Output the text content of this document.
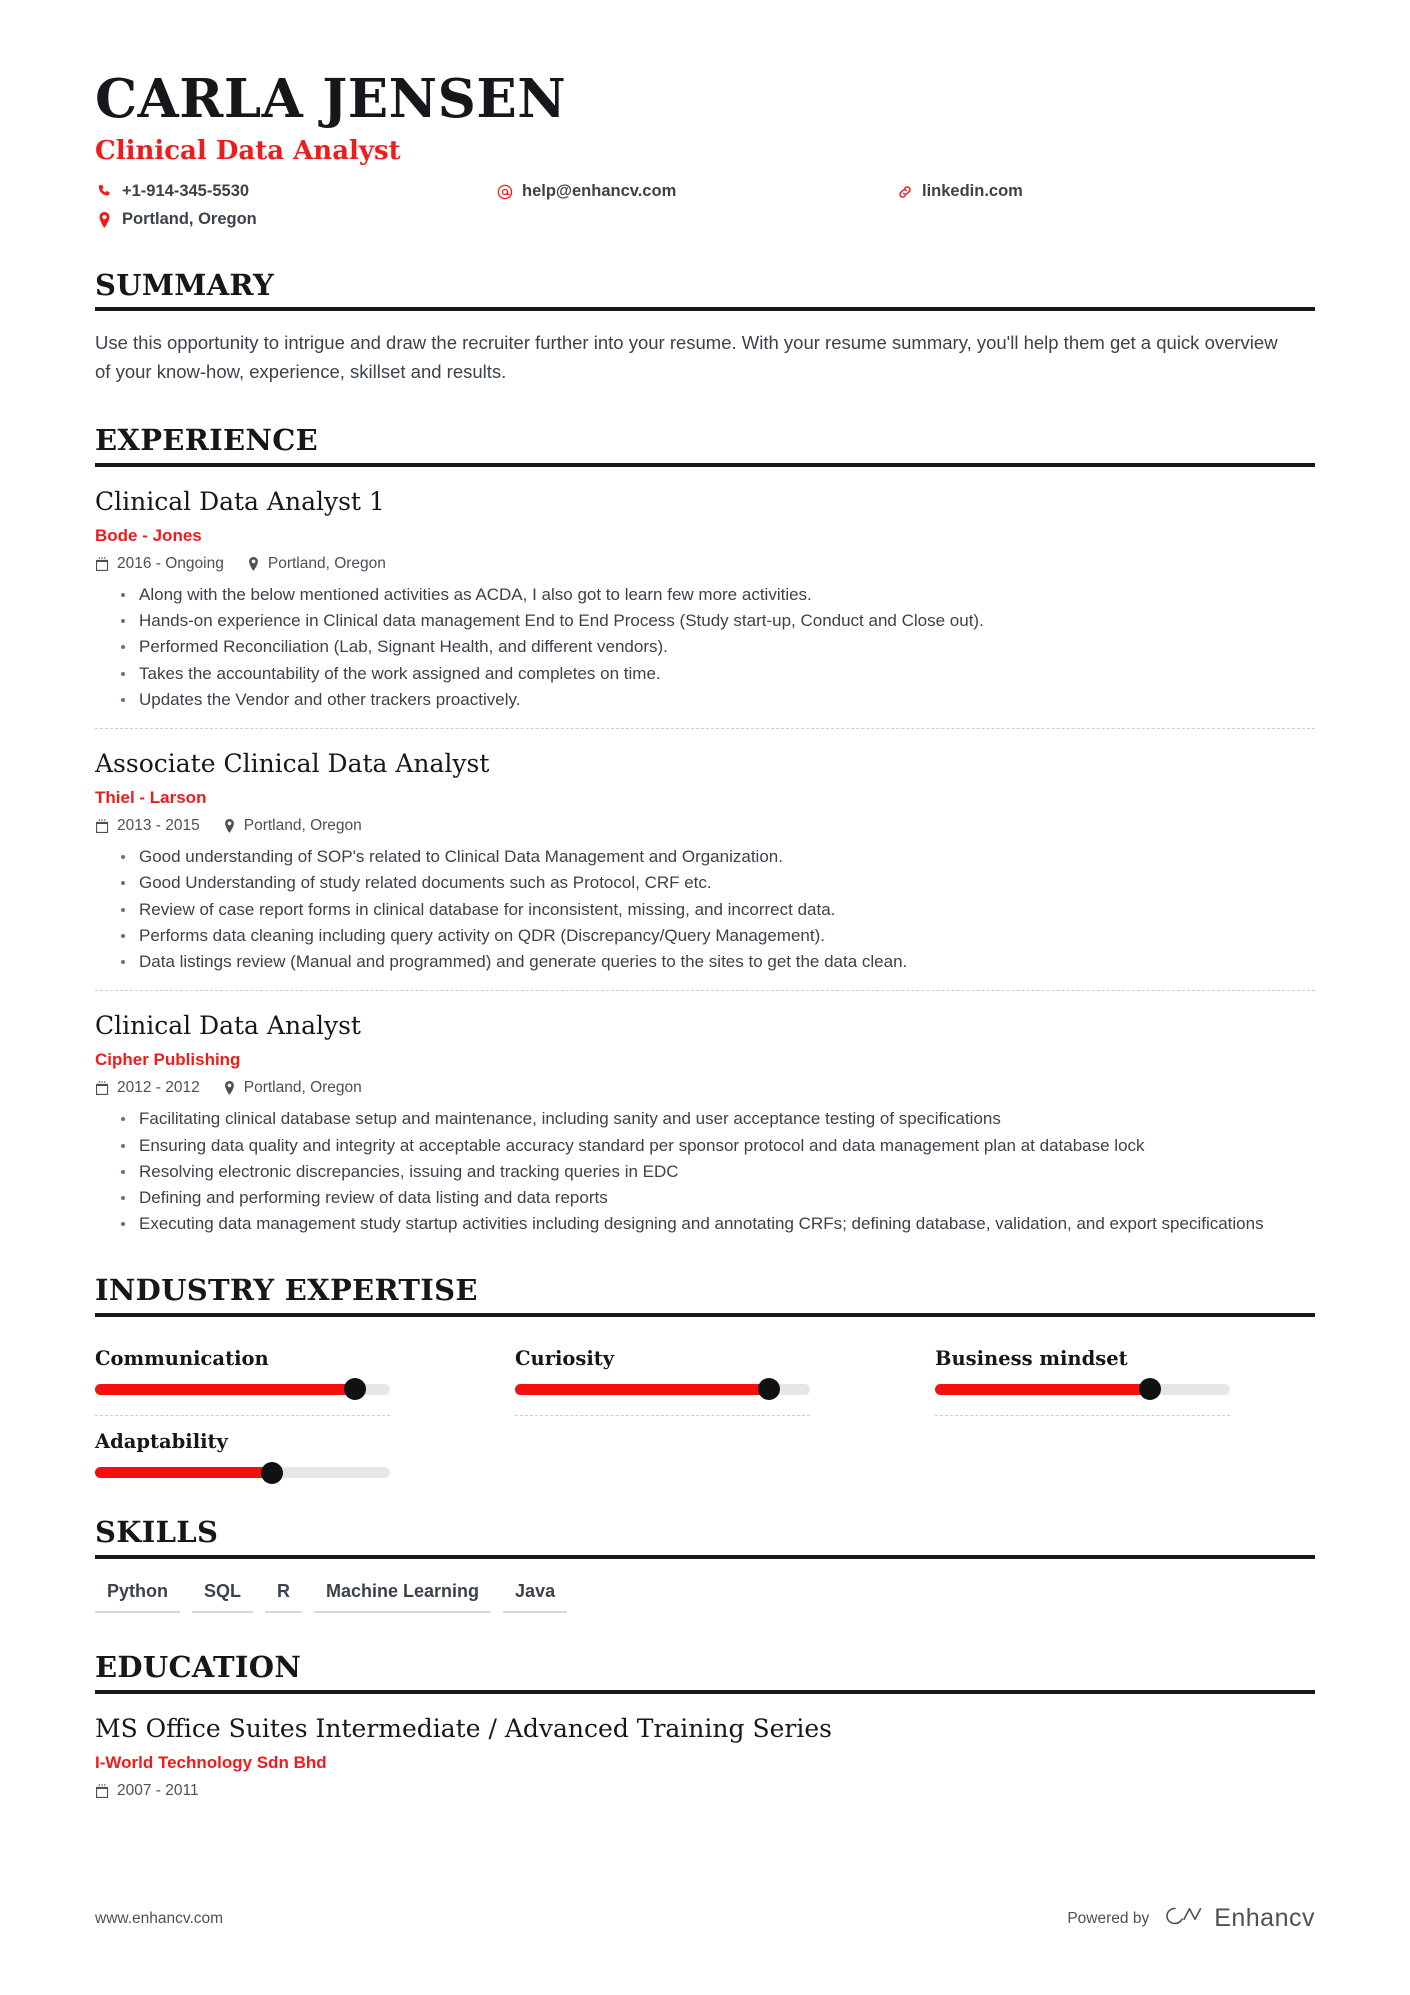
CARLA JENSEN
Clinical Data Analyst
+1-914-345-5530	help@enhancv.com	linkedin.com
Portland, Oregon
SUMMARY

Use this opportunity to intrigue and draw the recruiter further into your resume. With your resume summary, you'll help them get a quick overview of your know-how, experience, skillset and results.

EXPERIENCE
Clinical Data Analyst 1
Bode - Jones
2016 - Ongoing	Portland, Oregon
Along with the below mentioned activities as ACDA, I also got to learn few more activities.
Hands-on experience in Clinical data management End to End Process (Study start-up, Conduct and Close out).
Performed Reconciliation (Lab, Signant Health, and different vendors).
Takes the accountability of the work assigned and completes on time.
Updates the Vendor and other trackers proactively.
Associate Clinical Data Analyst
Thiel - Larson
2013 - 2015	Portland, Oregon
Good understanding of SOP's related to Clinical Data Management and Organization.
Good Understanding of study related documents such as Protocol, CRF etc.
Review of case report forms in clinical database for inconsistent, missing, and incorrect data.
Performs data cleaning including query activity on QDR (Discrepancy/Query Management).
Data listings review (Manual and programmed) and generate queries to the sites to get the data clean.
Clinical Data Analyst
Cipher Publishing
2012 - 2012	Portland, Oregon
Facilitating clinical database setup and maintenance, including sanity and user acceptance testing of specifications
Ensuring data quality and integrity at acceptable accuracy standard per sponsor protocol and data management plan at database lock
Resolving electronic discrepancies, issuing and tracking queries in EDC
Defining and performing review of data listing and data reports
Executing data management study startup activities including designing and annotating CRFs; defining database, validation, and export specifications
INDUSTRY EXPERTISE
Communication	Curiosity	Business mindset
Adaptability
SKILLS
Python	SQL	R	Machine Learning	Java
EDUCATION
MS Office Suites Intermediate / Advanced Training Series
I-World Technology Sdn Bhd
2007 - 2011
www.enhancv.com	Powered by	Enhancv
